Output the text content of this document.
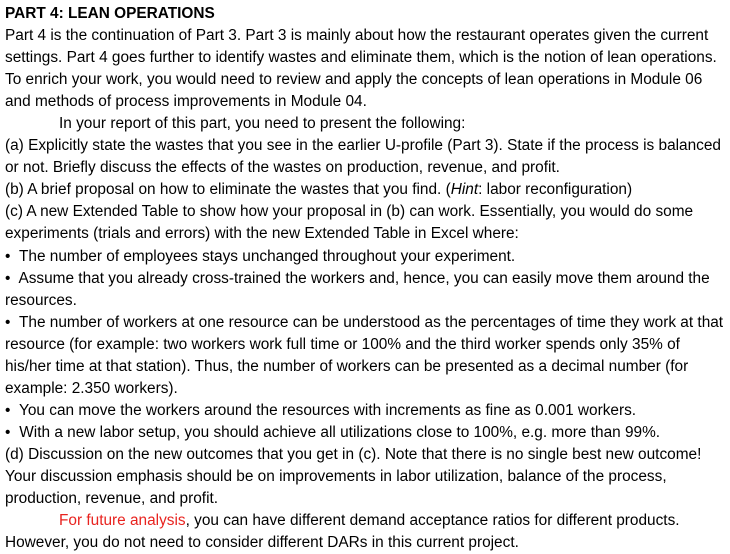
PART 4: LEAN OPERATIONS

Part 4 is the continuation of Part 3. Part 3 is mainly about how the restaurant operates given the current settings. Part 4 goes further to identify wastes and eliminate them, which is the notion of lean operations. To enrich your work, you would need to review and apply the concepts of lean operations in Module 06 and methods of process improvements in Module 04.

In your report of this part, you need to present the following:

(a) Explicitly state the wastes that you see in the earlier U-profile (Part 3). State if the process is balanced or not. Briefly discuss the effects of the wastes on production, revenue, and profit.

(b) A brief proposal on how to eliminate the wastes that you find. (Hint: labor reconfiguration)

(c) A new Extended Table to show how your proposal in (b) can work. Essentially, you would do some experiments (trials and errors) with the new Extended Table in Excel where:

• The number of employees stays unchanged throughout your experiment.

• Assume that you already cross-trained the workers and, hence, you can easily move them around the resources.

• The number of workers at one resource can be understood as the percentages of time they work at that resource (for example: two workers work full time or 100% and the third worker spends only 35% of his/her time at that station). Thus, the number of workers can be presented as a decimal number (for example: 2.350 workers).

• You can move the workers around the resources with increments as fine as 0.001 workers.

• With a new labor setup, you should achieve all utilizations close to 100%, e.g. more than 99%.

(d) Discussion on the new outcomes that you get in (c). Note that there is no single best new outcome! Your discussion emphasis should be on improvements in labor utilization, balance of the process, production, revenue, and profit.

For future analysis, you can have different demand acceptance ratios for different products. However, you do not need to consider different DARs in this current project.
